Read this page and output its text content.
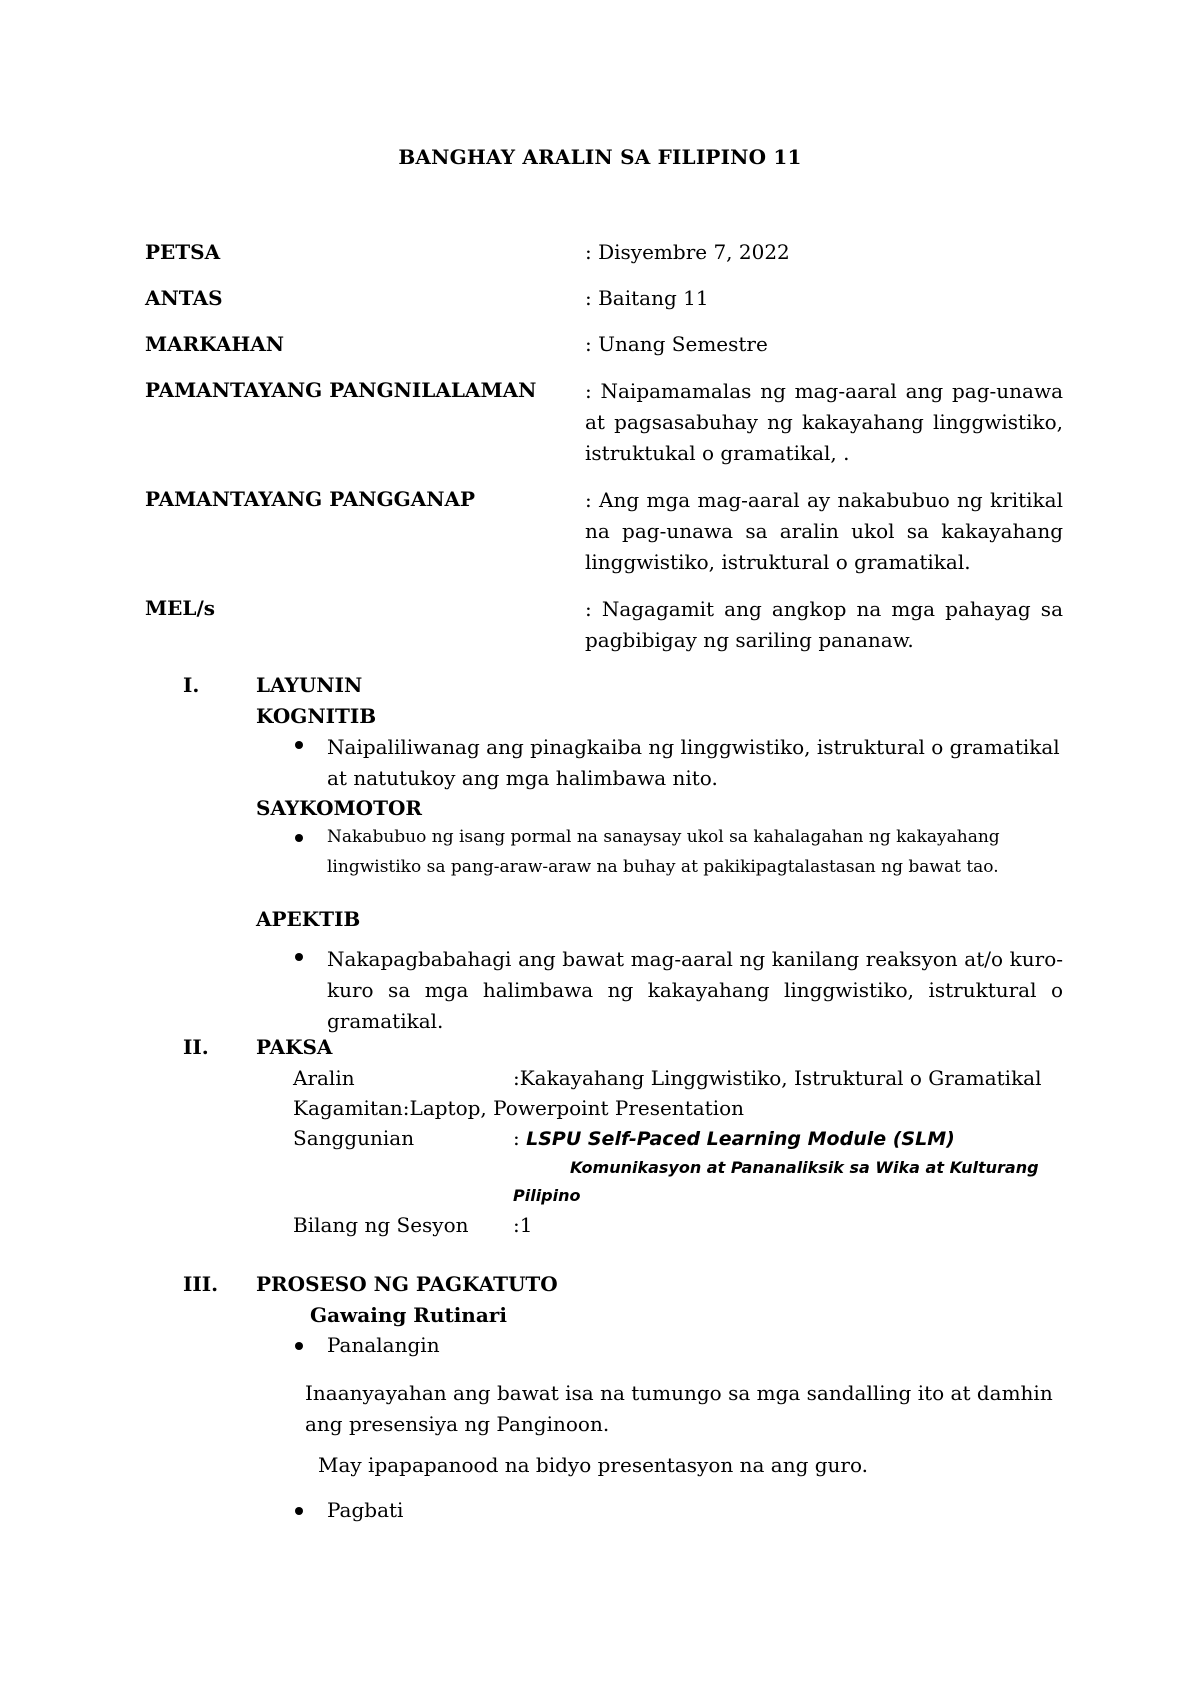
BANGHAY ARALIN SA FILIPINO 11
PETSA	: Disyembre 7, 2022
ANTAS	: Baitang 11
MARKAHAN	: Unang Semestre
PAMANTAYANG PANGNILALAMAN : Naipamamalas ng mag-aaral ang pag-unawa at pagsasabuhay ng kakayahang linggwistiko, istruktukal o gramatikal, .
PAMANTAYANG PANGGANAP	: Ang mga mag-aaral ay nakabubuo ng kritikal na pag-unawa sa aralin ukol sa kakayahang linggwistiko, istruktural o gramatikal.
MEL/s	: Nagagamit ang angkop na mga pahayag sa pagbibigay ng sariling pananaw.
I.	LAYUNIN
KOGNITIB
Naipaliliwanag ang pinagkaiba ng linggwistiko, istruktural o gramatikal at natutukoy ang mga halimbawa nito.
SAYKOMOTOR
Nakabubuo ng isang pormal na sanaysay ukol sa kahalagahan ng kakayahang
lingwistiko sa pang-araw-araw na buhay at pakikipagtalastasan ng bawat tao.
APEKTIB
Nakapagbabahagi ang bawat mag-aaral ng kanilang reaksyon at/o kuro-kuro sa mga halimbawa ng kakayahang linggwistiko, istruktural o gramatikal.
II. PAKSA
Aralin	:Kakayahang Linggwistiko, Istruktural o Gramatikal
Kagamitan:Laptop, Powerpoint Presentation
Sanggunian	: LSPU Self-Paced Learning Module (SLM)
Komunikasyon at Pananaliksik sa Wika at Kulturang
Pilipino
Bilang ng Sesyon :1
III. PROSESO NG PAGKATUTO
Gawaing Rutinari
Panalangin
Inaanyayahan ang bawat isa na tumungo sa mga sandalling ito at damhin ang presensiya ng Panginoon.
May ipapapanood na bidyo presentasyon na ang guro.
Pagbati
